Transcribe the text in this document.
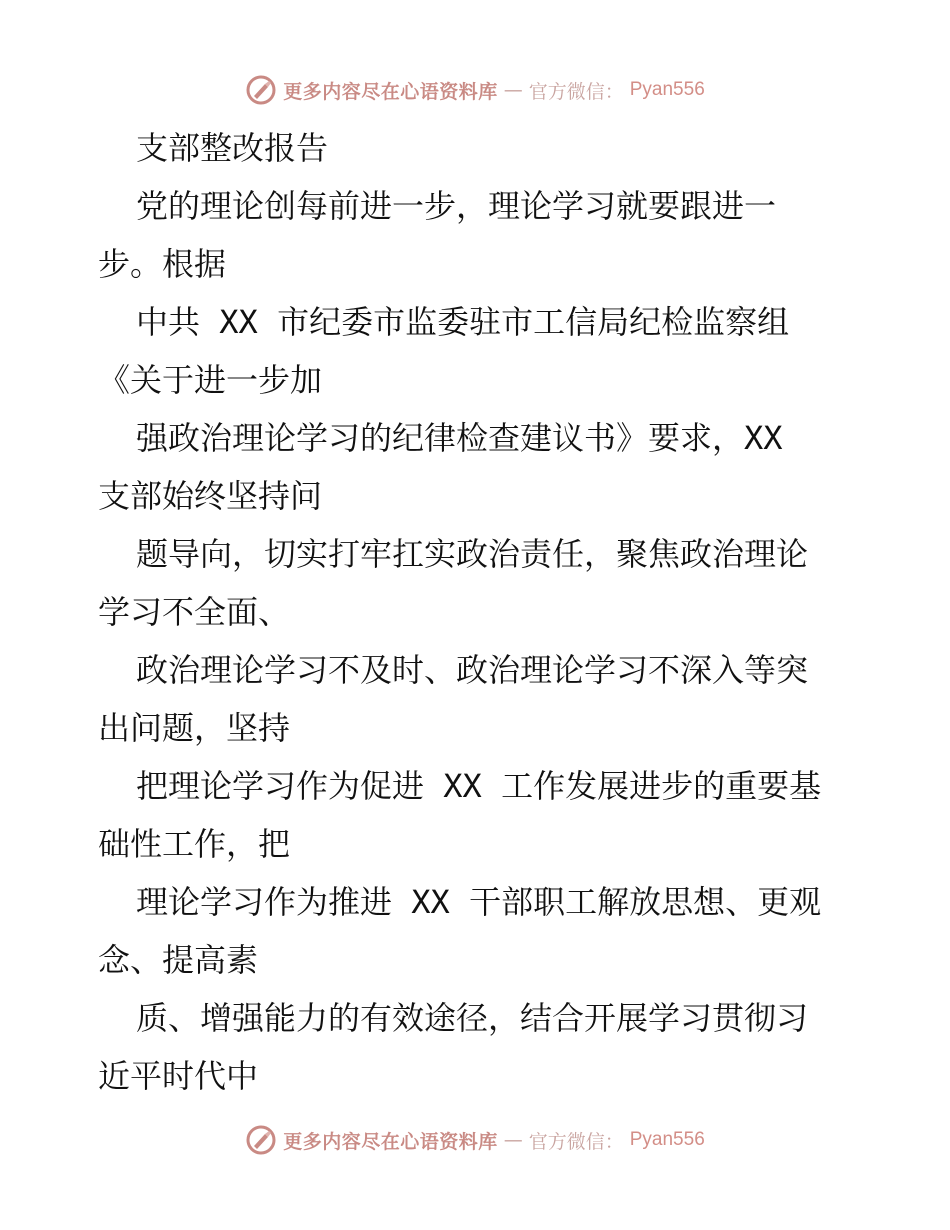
更多内容尽在心语资料库 — 官方微信： Pyan556
支部整改报告
党的理论创每前进一步，理论学习就要跟进一
步。根据
中共 XX 市纪委市监委驻市工信局纪检监察组
《关于进一步加
强政治理论学习的纪律检查建议书》要求，XX
支部始终坚持问
题导向，切实打牢扛实政治责任，聚焦政治理论
学习不全面、
政治理论学习不及时、政治理论学习不深入等突
出问题，坚持
把理论学习作为促进 XX 工作发展进步的重要基
础性工作，把
理论学习作为推进 XX 干部职工解放思想、更观
念、提高素
质、增强能力的有效途径，结合开展学习贯彻习
近平时代中
更多内容尽在心语资料库 — 官方微信： Pyan556
